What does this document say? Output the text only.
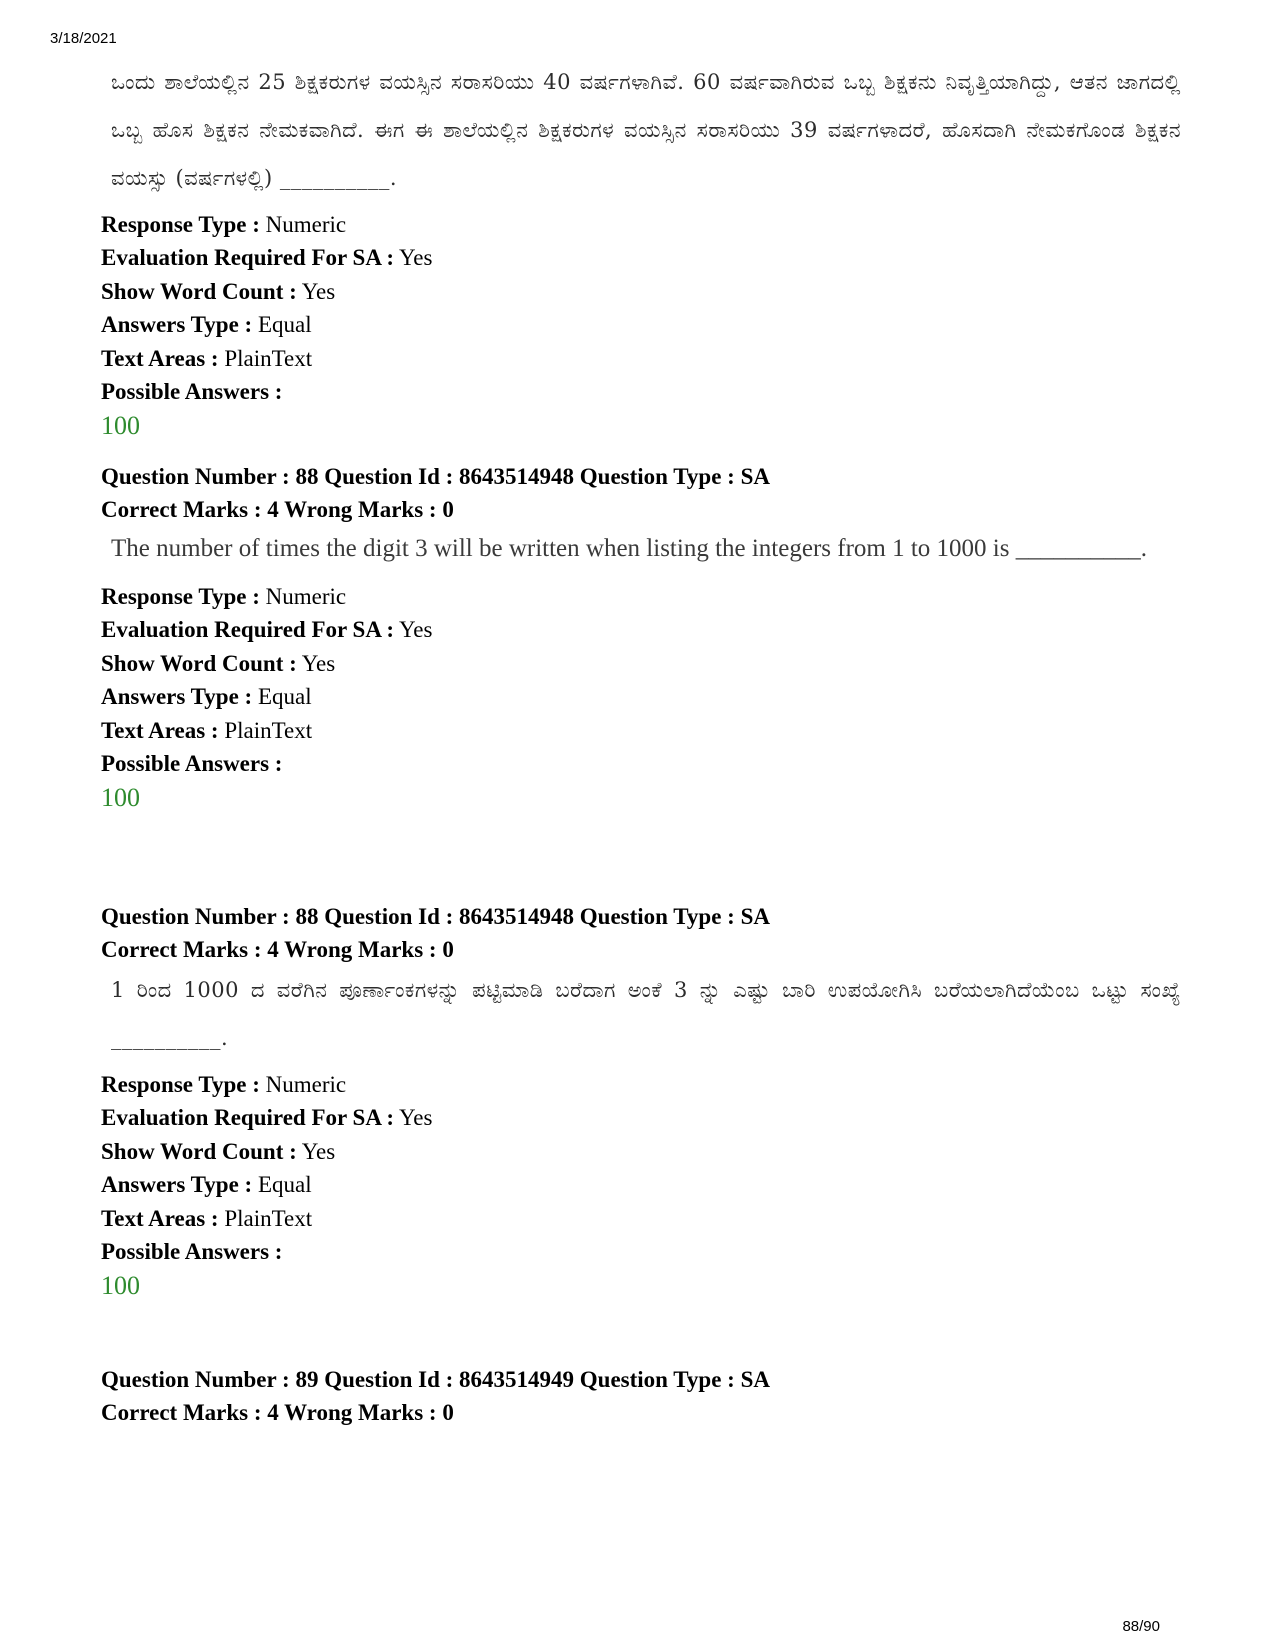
3/18/2021
ಒಂದು ಶಾಲೆಯಲ್ಲಿನ 25 ಶಿಕ್ಷಕರುಗಳ ವಯಸ್ಸಿನ ಸರಾಸರಿಯು 40 ವರ್ಷಗಳಾಗಿವೆ. 60 ವರ್ಷವಾಗಿರುವ ಒಬ್ಬ ಶಿಕ್ಷಕನು ನಿವೃತ್ತಿಯಾಗಿದ್ದು, ಆತನ ಜಾಗದಲ್ಲಿ ಒಬ್ಬ ಹೊಸ ಶಿಕ್ಷಕನ ನೇಮಕವಾಗಿದೆ. ಈಗ ಈ ಶಾಲೆಯಲ್ಲಿನ ಶಿಕ್ಷಕರುಗಳ ವಯಸ್ಸಿನ ಸರಾಸರಿಯು 39 ವರ್ಷಗಳಾದರೆ, ಹೊಸದಾಗಿ ನೇಮಕಗೊಂಡ ಶಿಕ್ಷಕನ ವಯಸ್ಸು (ವರ್ಷಗಳಲ್ಲಿ) __________.
Response Type : Numeric
Evaluation Required For SA : Yes
Show Word Count : Yes
Answers Type : Equal
Text Areas : PlainText
Possible Answers :
100
Question Number : 88 Question Id : 8643514948 Question Type : SA
Correct Marks : 4 Wrong Marks : 0
The number of times the digit 3 will be written when listing the integers from 1 to 1000 is __________.
Response Type : Numeric
Evaluation Required For SA : Yes
Show Word Count : Yes
Answers Type : Equal
Text Areas : PlainText
Possible Answers :
100
Question Number : 88 Question Id : 8643514948 Question Type : SA
Correct Marks : 4 Wrong Marks : 0
1 ರಿಂದ 1000 ದ ವರೆಗಿನ ಪೂರ್ಣಾಂಕಗಳನ್ನು ಪಟ್ಟಿಮಾಡಿ ಬರೆದಾಗ ಅಂಕೆ 3 ನ್ನು ಎಷ್ಟು ಬಾರಿ ಉಪಯೋಗಿಸಿ ಬರೆಯಲಾಗಿದೆಯೆಂಬ ಒಟ್ಟು ಸಂಖ್ಯೆ __________.
Response Type : Numeric
Evaluation Required For SA : Yes
Show Word Count : Yes
Answers Type : Equal
Text Areas : PlainText
Possible Answers :
100
Question Number : 89 Question Id : 8643514949 Question Type : SA
Correct Marks : 4 Wrong Marks : 0
88/90
